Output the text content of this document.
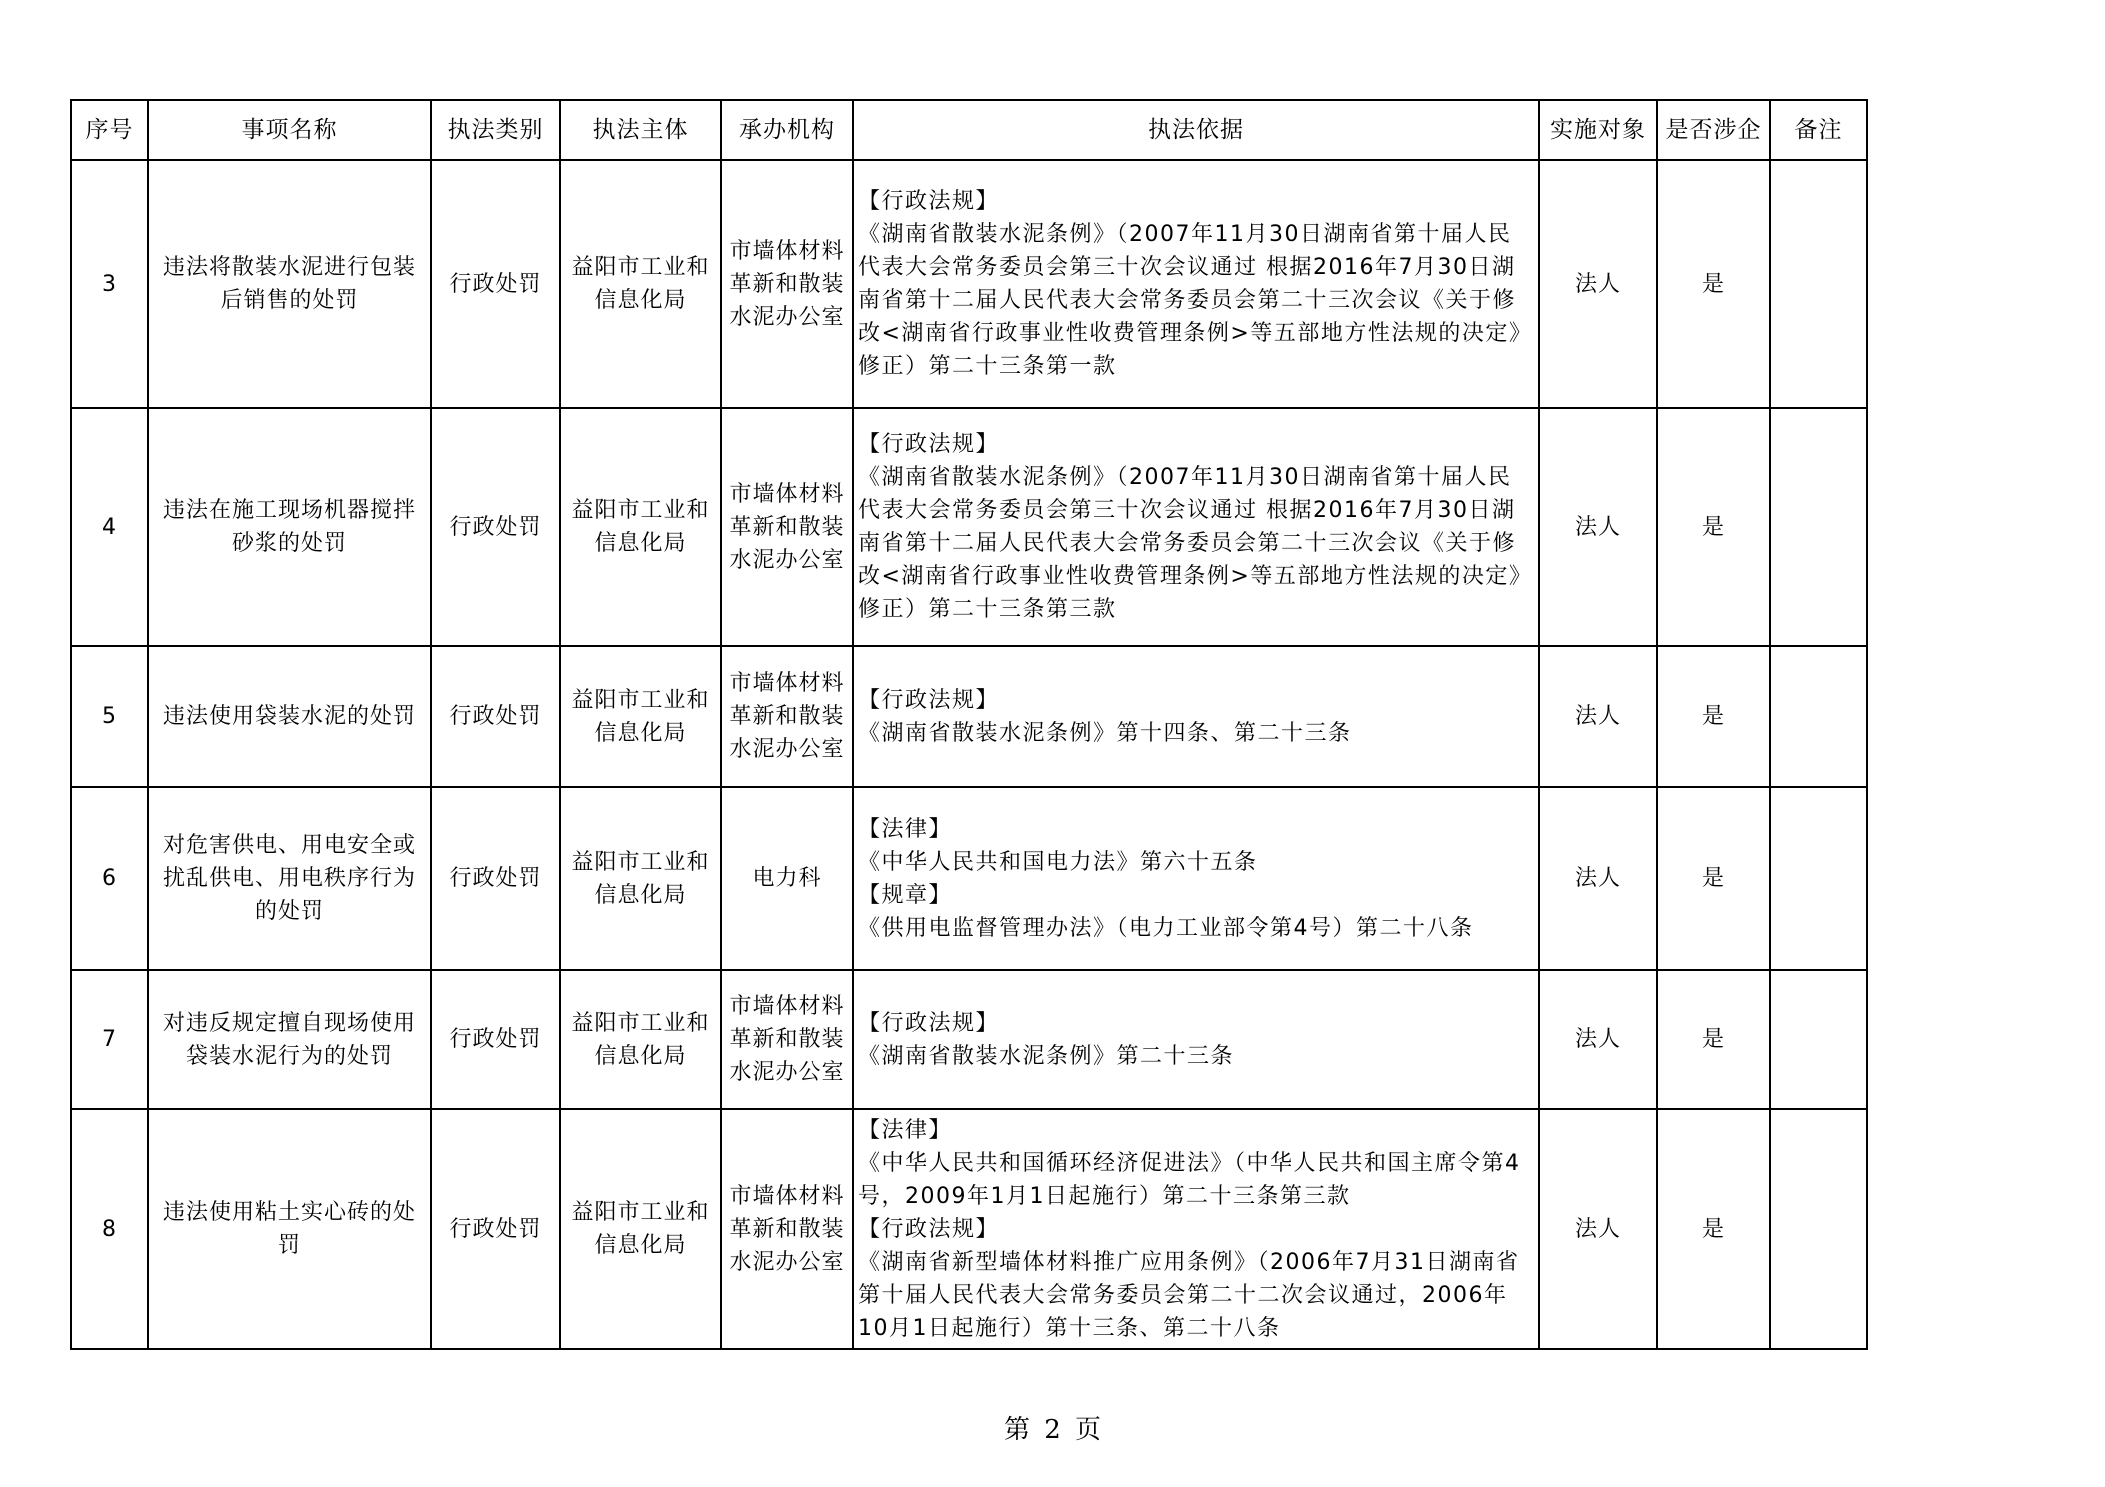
序号	事项名称	执法类别	执法主体	承办机构	执法依据	实施对象	是否涉企	备注
3	违法将散装水泥进行包装后销售的处罚	行政处罚	益阳市工业和信息化局	市墙体材料革新和散装水泥办公室	【行政法规】
《湖南省散装水泥条例》（2007年11月30日湖南省第十届人民代表大会常务委员会第三十次会议通过 根据2016年7月30日湖南省第十二届人民代表大会常务委员会第二十三次会议《关于修改<湖南省行政事业性收费管理条例>等五部地方性法规的决定》修正）第二十三条第一款	法人	是	
4	违法在施工现场机器搅拌砂浆的处罚	行政处罚	益阳市工业和信息化局	市墙体材料革新和散装水泥办公室	【行政法规】
《湖南省散装水泥条例》（2007年11月30日湖南省第十届人民代表大会常务委员会第三十次会议通过 根据2016年7月30日湖南省第十二届人民代表大会常务委员会第二十三次会议《关于修改<湖南省行政事业性收费管理条例>等五部地方性法规的决定》修正）第二十三条第三款	法人	是	
5	违法使用袋装水泥的处罚	行政处罚	益阳市工业和信息化局	市墙体材料革新和散装水泥办公室	【行政法规】
《湖南省散装水泥条例》第十四条、第二十三条	法人	是	
6	对危害供电、用电安全或扰乱供电、用电秩序行为的处罚	行政处罚	益阳市工业和信息化局	电力科	【法律】
《中华人民共和国电力法》第六十五条
【规章】
《供用电监督管理办法》（电力工业部令第4号）第二十八条	法人	是	
7	对违反规定擅自现场使用袋装水泥行为的处罚	行政处罚	益阳市工业和信息化局	市墙体材料革新和散装水泥办公室	【行政法规】
《湖南省散装水泥条例》第二十三条	法人	是	
8	违法使用粘土实心砖的处罚	行政处罚	益阳市工业和信息化局	市墙体材料革新和散装水泥办公室	【法律】
《中华人民共和国循环经济促进法》（中华人民共和国主席令第4号，2009年1月1日起施行）第二十三条第三款
【行政法规】
《湖南省新型墙体材料推广应用条例》（2006年7月31日湖南省第十届人民代表大会常务委员会第二十二次会议通过，2006年10月1日起施行）第十三条、第二十八条	法人	是	
第 2 页
